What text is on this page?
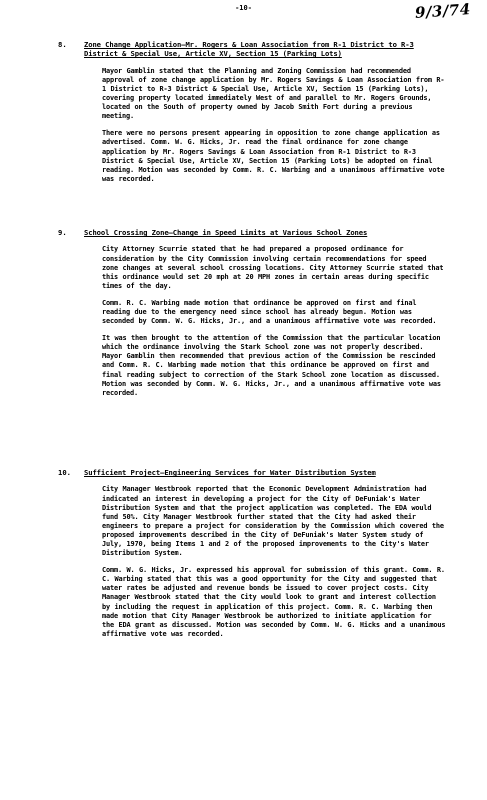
-10-	9/3/74
8. Zone Change Application—Mr. Rogers & Loan Association from R-1 District to R-3 District & Special Use, Article XV, Section 15 (Parking Lots)
Mayor Gamblin stated that the Planning and Zoning Commission had recommended approval of zone change application by Mr. Rogers Savings & Loan Association from R-1 District to R-3 District & Special Use, Article XV, Section 15 (Parking Lots), covering property located immediately West of and parallel to Mr. Rogers Grounds, located on the South of property owned by Jacob Smith Fort during a previous meeting.
There were no persons present appearing in opposition to zone change application as advertised. Comm. W. G. Hicks, Jr. read the final ordinance for zone change application by Mr. Rogers Savings & Loan Association from R-1 District to R-3 District & Special Use, Article XV, Section 15 (Parking Lots) be adopted on final reading. Motion was seconded by Comm. R. C. Warbing and a unanimous affirmative vote was recorded.
9. School Crossing Zone—Change in Speed Limits at Various School Zones
City Attorney Scurrie stated that he had prepared a proposed ordinance for consideration by the City Commission involving certain recommendations for speed zone changes at several school crossing locations. City Attorney Scurrie stated that this ordinance would set 20 mph at 20 MPH zones in certain areas during specific times of the day.
Comm. R. C. Warbing made motion that ordinance be approved on first and final reading due to the emergency need since school has already begun. Motion was seconded by Comm. W. G. Hicks, Jr., and a unanimous affirmative vote was recorded.
It was then brought to the attention of the Commission that the particular location which the ordinance involving the Stark School zone was not properly described. Mayor Gamblin then recommended that previous action of the Commission be rescinded and Comm. R. C. Warbing made motion that this ordinance be approved on first and final reading subject to correction of the Stark School zone location as discussed. Motion was seconded by Comm. W. G. Hicks, Jr., and a unanimous affirmative vote was recorded.
10. Sufficient Project—Engineering Services for Water Distribution System
City Manager Westbrook reported that the Economic Development Administration had indicated an interest in developing a project for the City of DeFuniak's Water Distribution System and that the project application was completed. The EDA would fund 50%. City Manager Westbrook further stated that the City had asked their engineers to prepare a project for consideration by the Commission which covered the proposed improvements described in the City of DeFuniak's Water System study of July, 1970, being Items 1 and 2 of the proposed improvements to the City's Water Distribution System.
Comm. W. G. Hicks, Jr. expressed his approval for submission of this grant. Comm. R. C. Warbing stated that this was a good opportunity for the City and suggested that water rates be adjusted and revenue bonds be issued to cover project costs. City Manager Westbrook stated that the City would look to grant and interest collection by including the request in application of this project. Comm. R. C. Warbing then made motion that City Manager Westbrook be authorized to initiate application for the EDA grant as discussed. Motion was seconded by Comm. W. G. Hicks and a unanimous affirmative vote was recorded.
